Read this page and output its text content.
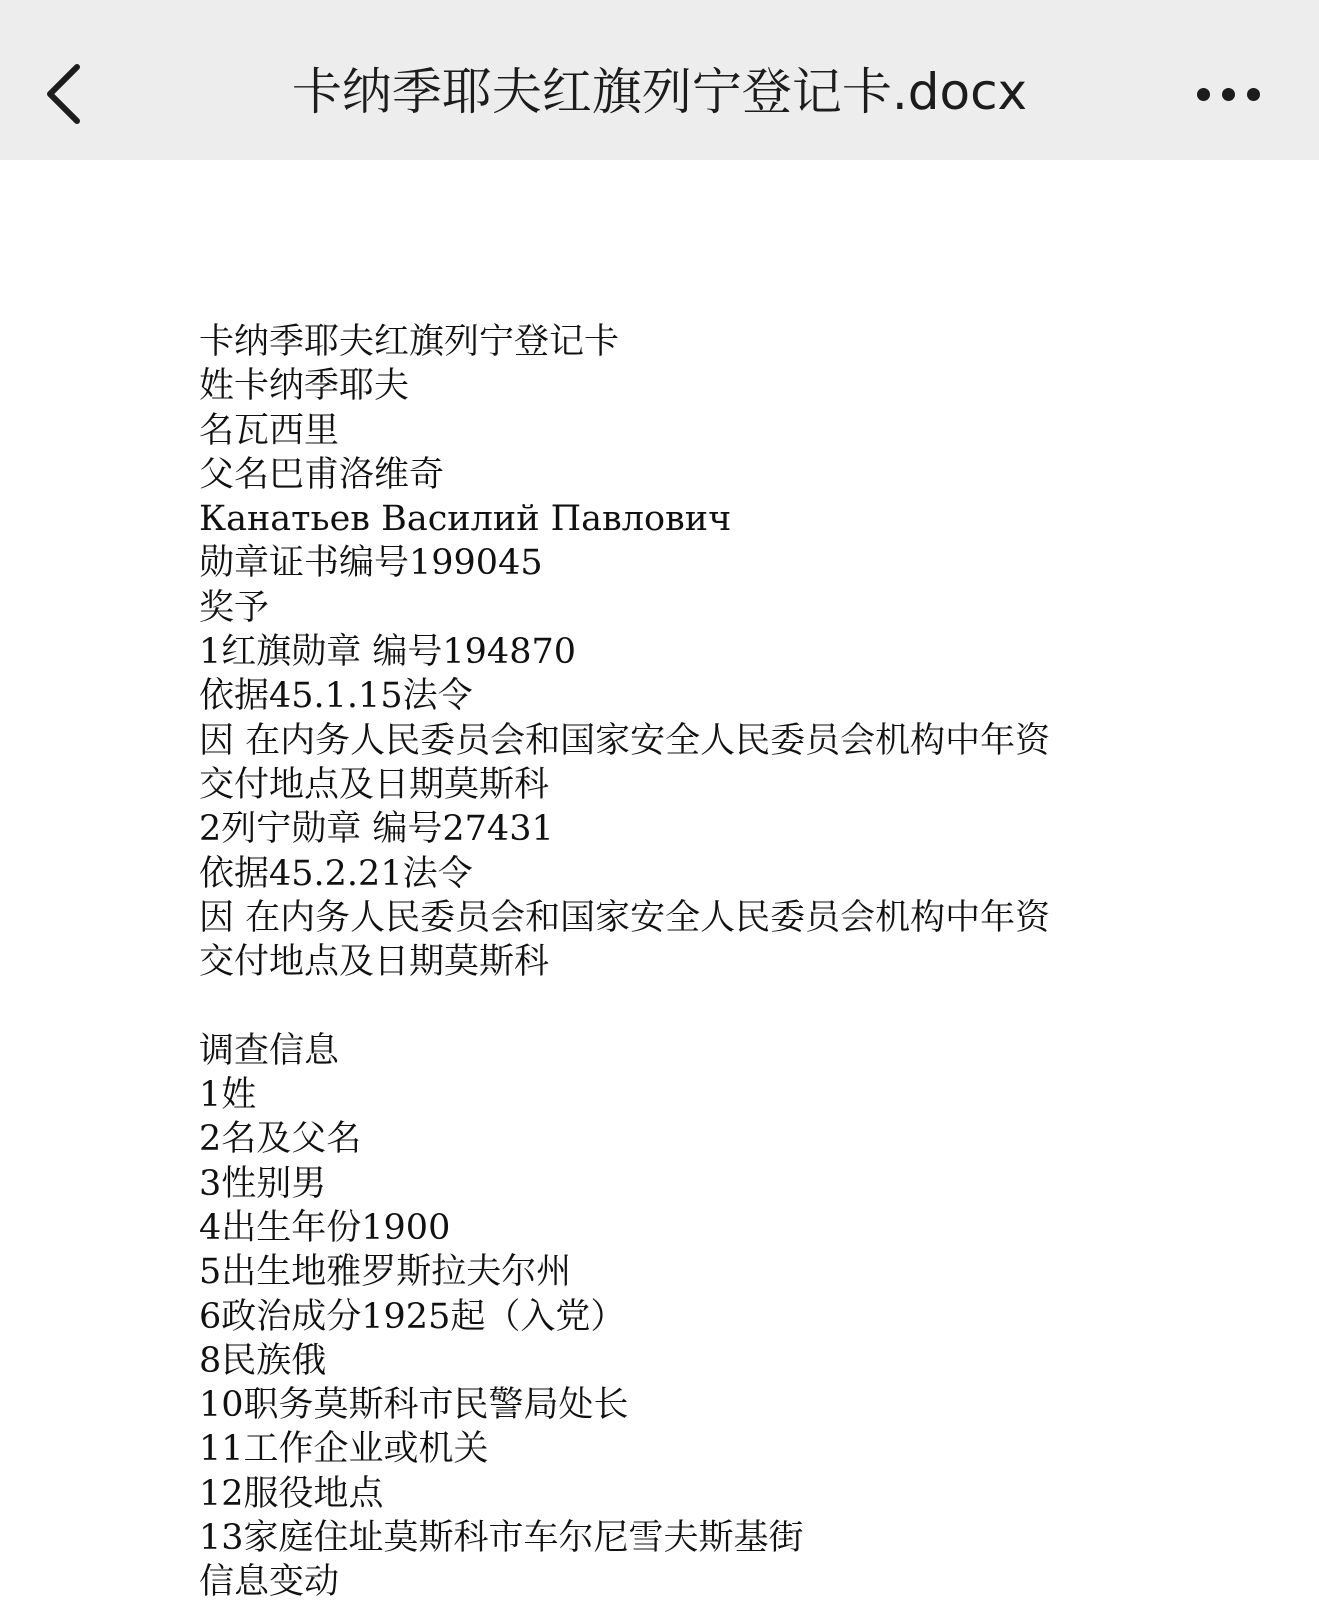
卡纳季耶夫红旗列宁登记卡.docx
卡纳季耶夫红旗列宁登记卡
姓卡纳季耶夫
名瓦西里
父名巴甫洛维奇
Канатьев Василий Павлович
勋章证书编号199045
奖予
1红旗勋章 编号194870
依据45.1.15法令
因 在内务人民委员会和国家安全人民委员会机构中年资
交付地点及日期莫斯科
2列宁勋章 编号27431
依据45.2.21法令
因 在内务人民委员会和国家安全人民委员会机构中年资
交付地点及日期莫斯科
调查信息
1姓
2名及父名
3性别男
4出生年份1900
5出生地雅罗斯拉夫尔州
6政治成分1925起（入党）
8民族俄
10职务莫斯科市民警局处长
11工作企业或机关
12服役地点
13家庭住址莫斯科市车尔尼雪夫斯基街
信息变动
